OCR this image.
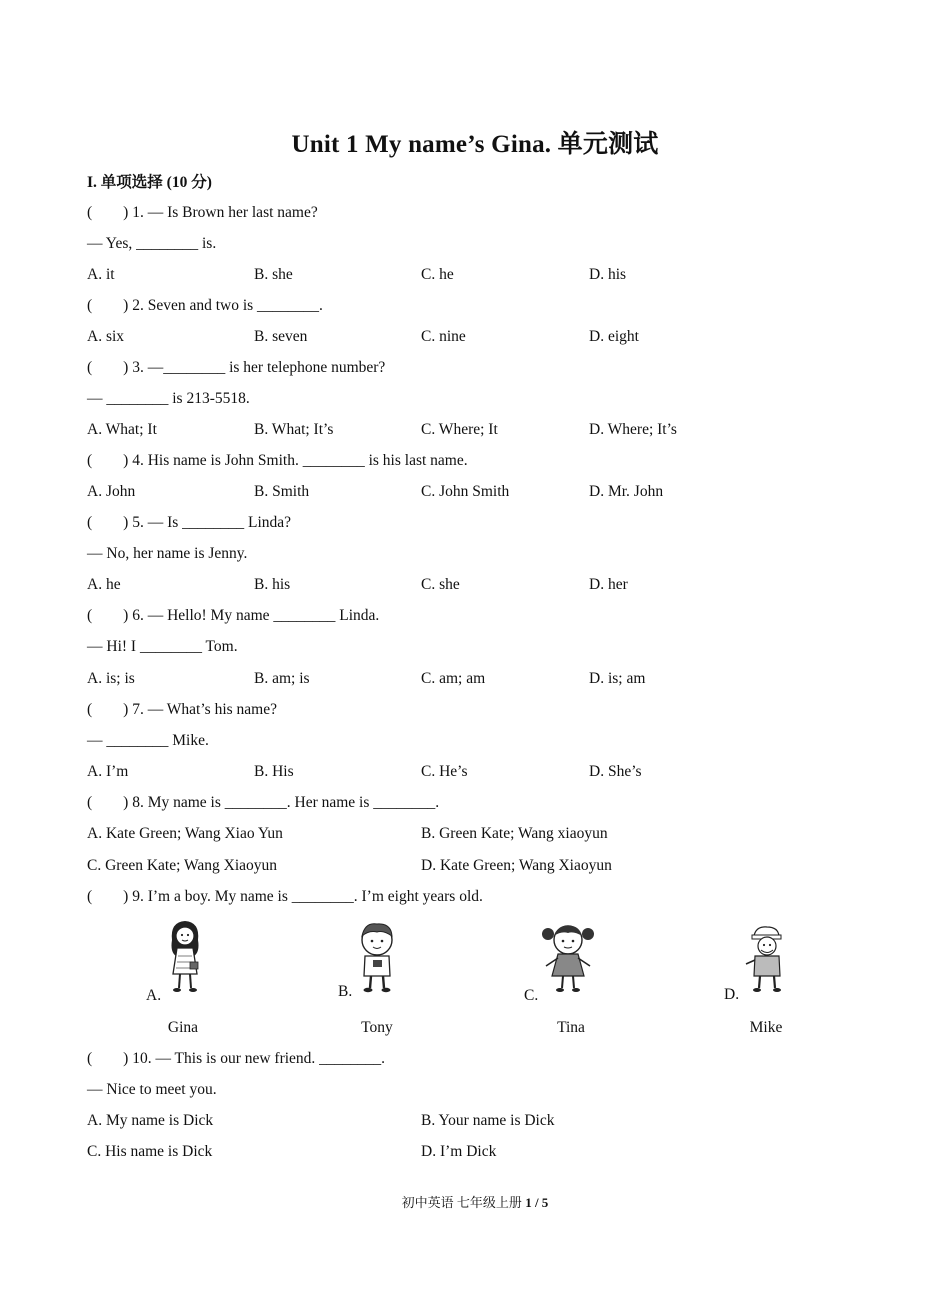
Unit 1 My name’s Gina. 单元测试
I. 单项选择 (10 分)
(        ) 1. — Is Brown her last name?
— Yes, ________ is.
A. it	B. she	C. he	D. his
(        ) 2. Seven and two is ________.
A. six	B. seven	C. nine	D. eight
(        ) 3. —________ is her telephone number?
— ________ is 213-5518.
A. What; It	B. What; It’s	C. Where; It	D. Where; It’s
(        ) 4. His name is John Smith. ________ is his last name.
A. John	B. Smith	C. John Smith	D. Mr. John
(        ) 5. — Is ________ Linda?
— No, her name is Jenny.
A. he	B. his	C. she	D. her
(        ) 6. — Hello! My name ________ Linda.
— Hi! I ________ Tom.
A. is; is	B. am; is	C. am; am	D. is; am
(        ) 7. — What’s his name?
— ________ Mike.
A. I’m	B. His	C. He’s	D. She’s
(        ) 8. My name is ________. Her name is ________.
A. Kate Green; Wang Xiao Yun	B. Green Kate; Wang xiaoyun
C. Green Kate; Wang Xiaoyun	D. Kate Green; Wang Xiaoyun
(        ) 9. I’m a boy. My name is ________. I’m eight years old.
A.	B.	C.	D.
Gina	Tony	Tina	Mike
(        ) 10. — This is our new friend. ________.
— Nice to meet you.
A. My name is Dick	B. Your name is Dick
C. His name is Dick	D. I’m Dick
初中英语 七年级上册 1 / 5
